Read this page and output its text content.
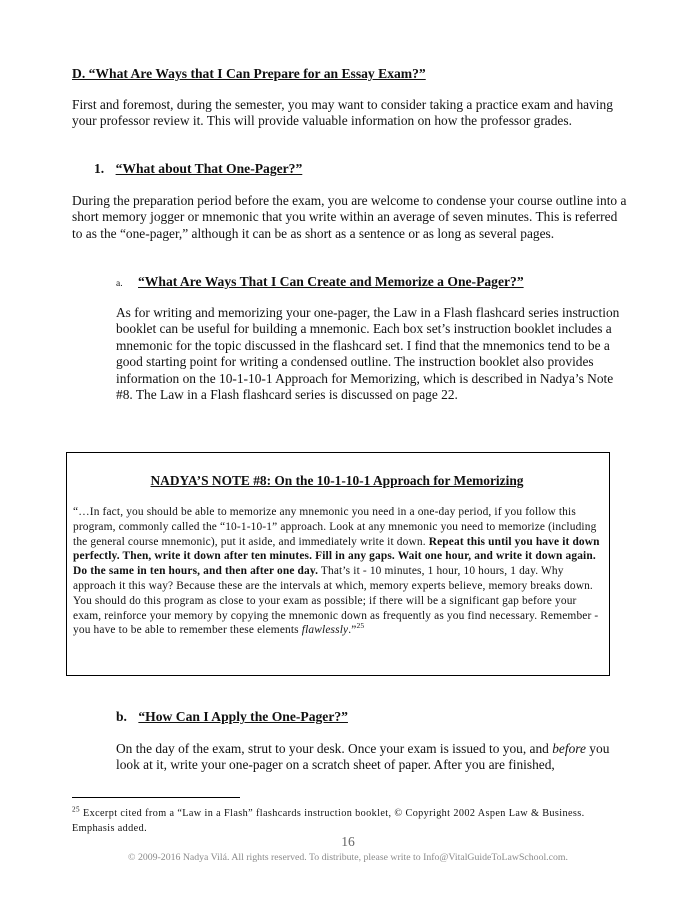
D. “What Are Ways that I Can Prepare for an Essay Exam?”
First and foremost, during the semester, you may want to consider taking a practice exam and having your professor review it. This will provide valuable information on how the professor grades.
1. “What about That One-Pager?”
During the preparation period before the exam, you are welcome to condense your course outline into a short memory jogger or mnemonic that you write within an average of seven minutes. This is referred to as the “one-pager,” although it can be as short as a sentence or as long as several pages.
a. “What Are Ways That I Can Create and Memorize a One-Pager?”
As for writing and memorizing your one-pager, the Law in a Flash flashcard series instruction booklet can be useful for building a mnemonic. Each box set’s instruction booklet includes a mnemonic for the topic discussed in the flashcard set. I find that the mnemonics tend to be a good starting point for writing a condensed outline. The instruction booklet also provides information on the 10-1-10-1 Approach for Memorizing, which is described in Nadya’s Note #8. The Law in a Flash flashcard series is discussed on page 22.
NADYA’S NOTE #8: On the 10-1-10-1 Approach for Memorizing
“…In fact, you should be able to memorize any mnemonic you need in a one-day period, if you follow this program, commonly called the “10-1-10-1” approach. Look at any mnemonic you need to memorize (including the general course mnemonic), put it aside, and immediately write it down. Repeat this until you have it down perfectly. Then, write it down after ten minutes. Fill in any gaps. Wait one hour, and write it down again. Do the same in ten hours, and then after one day. That’s it - 10 minutes, 1 hour, 10 hours, 1 day. Why approach it this way? Because these are the intervals at which, memory experts believe, memory breaks down. You should do this program as close to your exam as possible; if there will be a significant gap before your exam, reinforce your memory by copying the mnemonic down as frequently as you find necessary. Remember - you have to be able to remember these elements flawlessly.”$^{25}$
b. “How Can I Apply the One-Pager?”
On the day of the exam, strut to your desk. Once your exam is issued to you, and before you look at it, write your one-pager on a scratch sheet of paper. After you are finished,
$^{25}$ Excerpt cited from a “Law in a Flash” flashcards instruction booklet, © Copyright 2002 Aspen Law & Business. Emphasis added.
16
© 2009-2016 Nadya Vilá. All rights reserved. To distribute, please write to Info@VitalGuideToLawSchool.com.
